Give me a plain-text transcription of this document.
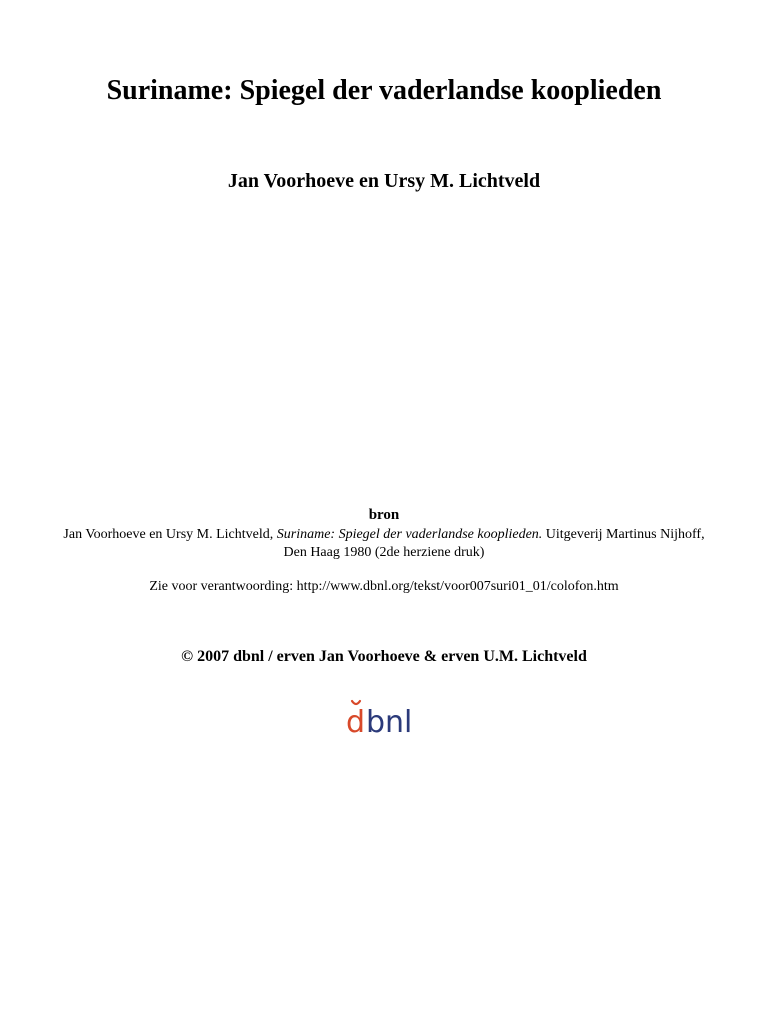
Suriname: Spiegel der vaderlandse kooplieden
Jan Voorhoeve en Ursy M. Lichtveld

bron

Jan Voorhoeve en Ursy M. Lichtveld, Suriname: Spiegel der vaderlandse kooplieden. Uitgeverij Martinus Nijhoff, Den Haag 1980 (2de herziene druk)

Zie voor verantwoording: http://www.dbnl.org/tekst/voor007suri01_01/colofon.htm

© 2007 dbnl / erven Jan Voorhoeve & erven U.M. Lichtveld

d bnl
